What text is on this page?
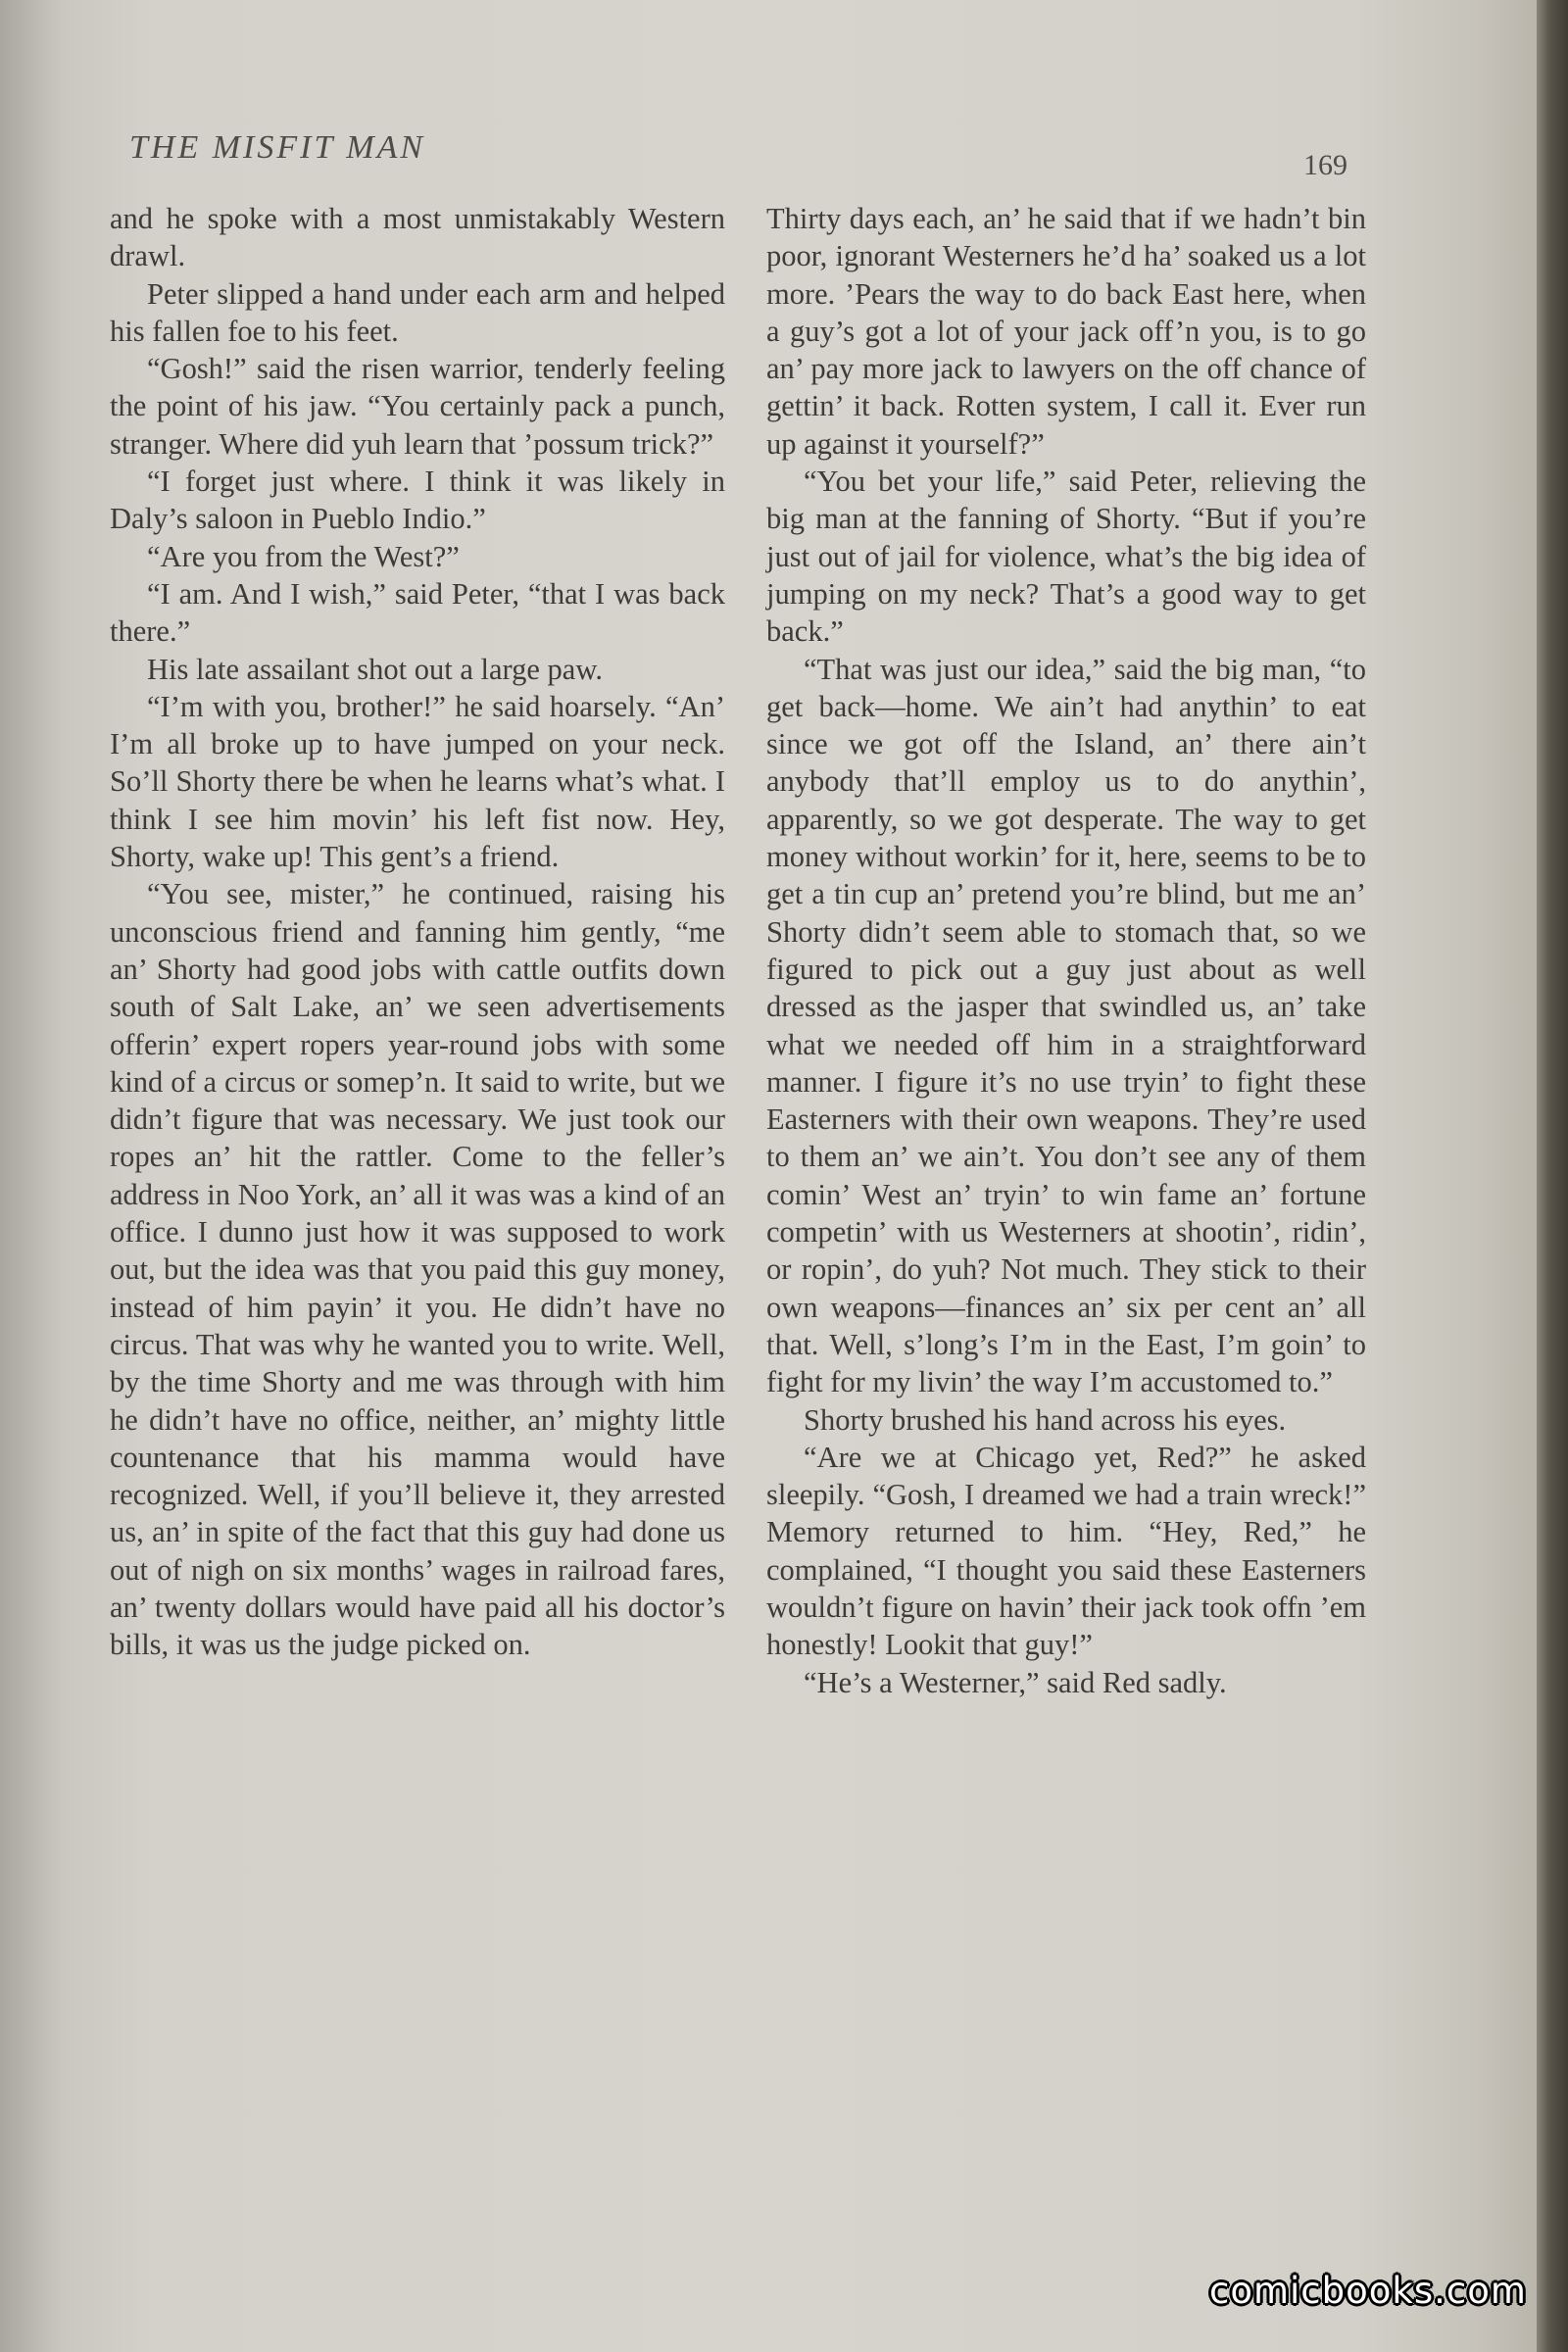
THE MISFIT MAN	169

and he spoke with a most unmistakably Western drawl.

Peter slipped a hand under each arm and helped his fallen foe to his feet.

“Gosh!” said the risen warrior, tenderly feeling the point of his jaw. “You certainly pack a punch, stranger. Where did yuh learn that ’possum trick?”

“I forget just where. I think it was likely in Daly’s saloon in Pueblo Indio.”

“Are you from the West?”

“I am. And I wish,” said Peter, “that I was back there.”

His late assailant shot out a large paw.

“I’m with you, brother!” he said hoarsely. “An’ I’m all broke up to have jumped on your neck. So’ll Shorty there be when he learns what’s what. I think I see him movin’ his left fist now. Hey, Shorty, wake up! This gent’s a friend.

“You see, mister,” he continued, raising his unconscious friend and fanning him gently, “me an’ Shorty had good jobs with cattle outfits down south of Salt Lake, an’ we seen advertisements offerin’ expert ropers year-round jobs with some kind of a circus or somep’n. It said to write, but we didn’t figure that was necessary. We just took our ropes an’ hit the rattler. Come to the feller’s address in Noo York, an’ all it was was a kind of an office. I dunno just how it was supposed to work out, but the idea was that you paid this guy money, instead of him payin’ it you. He didn’t have no circus. That was why he wanted you to write. Well, by the time Shorty and me was through with him he didn’t have no office, neither, an’ mighty little countenance that his mamma would have recognized. Well, if you’ll believe it, they arrested us, an’ in spite of the fact that this guy had done us out of nigh on six months’ wages in railroad fares, an’ twenty dollars would have paid all his doctor’s bills, it was us the judge picked on.

Thirty days each, an’ he said that if we hadn’t bin poor, ignorant Westerners he’d ha’ soaked us a lot more. ’Pears the way to do back East here, when a guy’s got a lot of your jack off’n you, is to go an’ pay more jack to lawyers on the off chance of gettin’ it back. Rotten system, I call it. Ever run up against it yourself?”

“You bet your life,” said Peter, relieving the big man at the fanning of Shorty. “But if you’re just out of jail for violence, what’s the big idea of jumping on my neck? That’s a good way to get back.”

“That was just our idea,” said the big man, “to get back—home. We ain’t had anythin’ to eat since we got off the Island, an’ there ain’t anybody that’ll employ us to do anythin’, apparently, so we got desperate. The way to get money without workin’ for it, here, seems to be to get a tin cup an’ pretend you’re blind, but me an’ Shorty didn’t seem able to stomach that, so we figured to pick out a guy just about as well dressed as the jasper that swindled us, an’ take what we needed off him in a straightforward manner. I figure it’s no use tryin’ to fight these Easterners with their own weapons. They’re used to them an’ we ain’t. You don’t see any of them comin’ West an’ tryin’ to win fame an’ fortune competin’ with us Westerners at shootin’, ridin’, or ropin’, do yuh? Not much. They stick to their own weapons—finances an’ six per cent an’ all that. Well, s’long’s I’m in the East, I’m goin’ to fight for my livin’ the way I’m accustomed to.”

Shorty brushed his hand across his eyes.

“Are we at Chicago yet, Red?” he asked sleepily. “Gosh, I dreamed we had a train wreck!” Memory returned to him. “Hey, Red,” he complained, “I thought you said these Easterners wouldn’t figure on havin’ their jack took offn ’em honestly! Lookit that guy!”

“He’s a Westerner,” said Red sadly.

comicbooks.com
